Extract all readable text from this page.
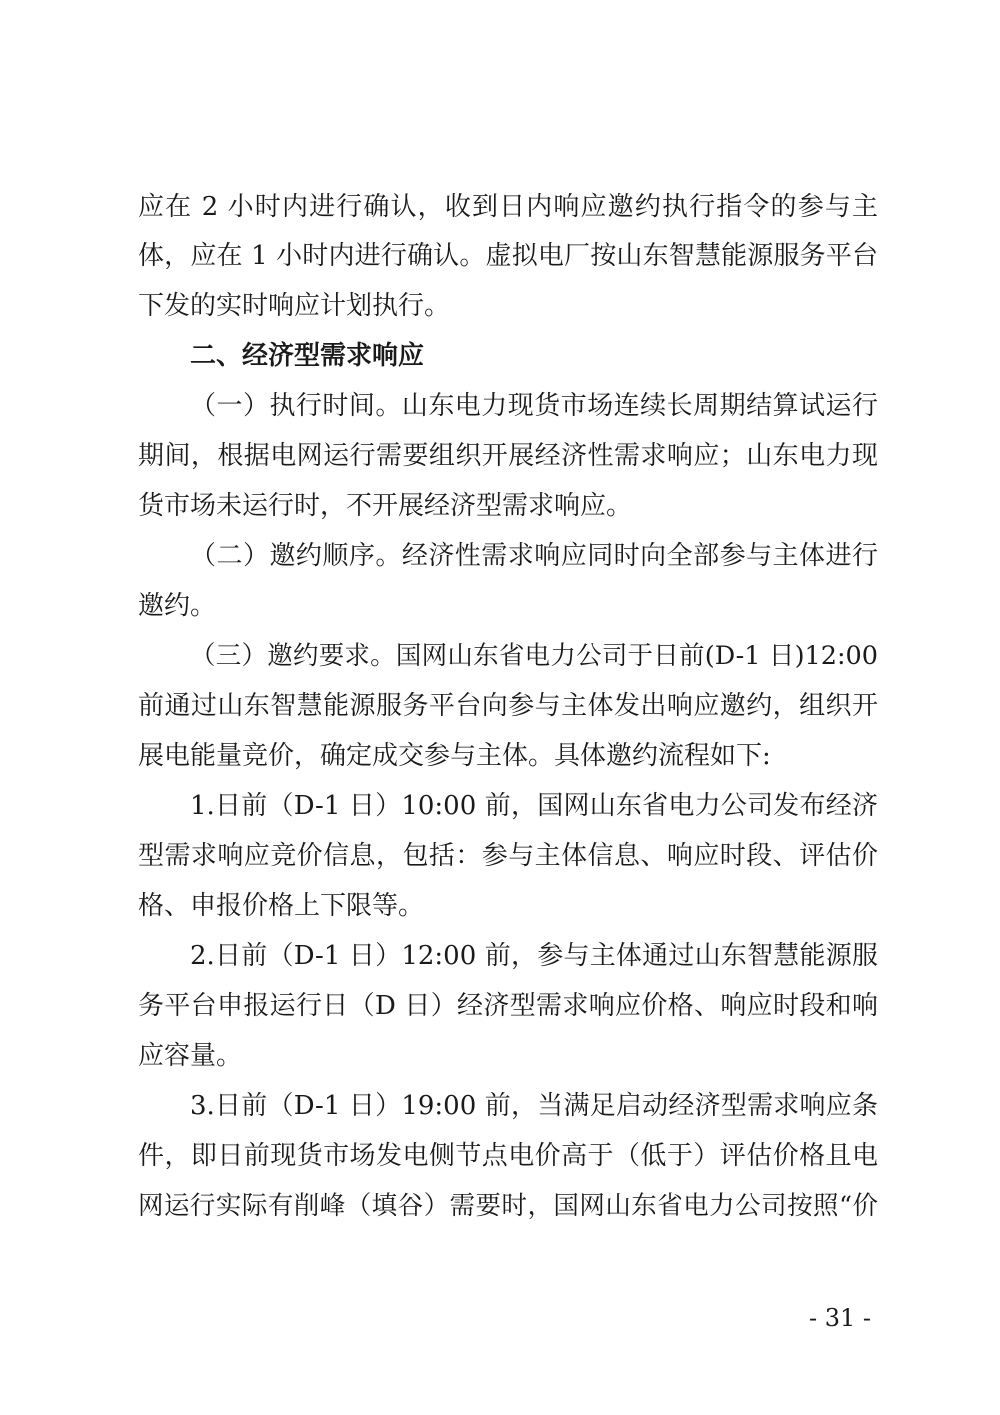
应在 2 小时内进行确认，收到日内响应邀约执行指令的参与主
体，应在 1 小时内进行确认。虚拟电厂按山东智慧能源服务平台
下发的实时响应计划执行。
二、经济型需求响应
（一）执行时间。山东电力现货市场连续长周期结算试运行
期间，根据电网运行需要组织开展经济性需求响应；山东电力现
货市场未运行时，不开展经济型需求响应。
（二）邀约顺序。经济性需求响应同时向全部参与主体进行
邀约。
（三）邀约要求。国网山东省电力公司于日前(D-1 日)12:00
前通过山东智慧能源服务平台向参与主体发出响应邀约，组织开
展电能量竞价，确定成交参与主体。具体邀约流程如下:
1.日前（D-1 日）10:00 前，国网山东省电力公司发布经济
型需求响应竞价信息，包括：参与主体信息、响应时段、评估价
格、申报价格上下限等。
2.日前（D-1 日）12:00 前，参与主体通过山东智慧能源服
务平台申报运行日（D 日）经济型需求响应价格、响应时段和响
应容量。
3.日前（D-1 日）19:00 前，当满足启动经济型需求响应条
件，即日前现货市场发电侧节点电价高于（低于）评估价格且电
网运行实际有削峰（填谷）需要时，国网山东省电力公司按照“价
- 31 -
